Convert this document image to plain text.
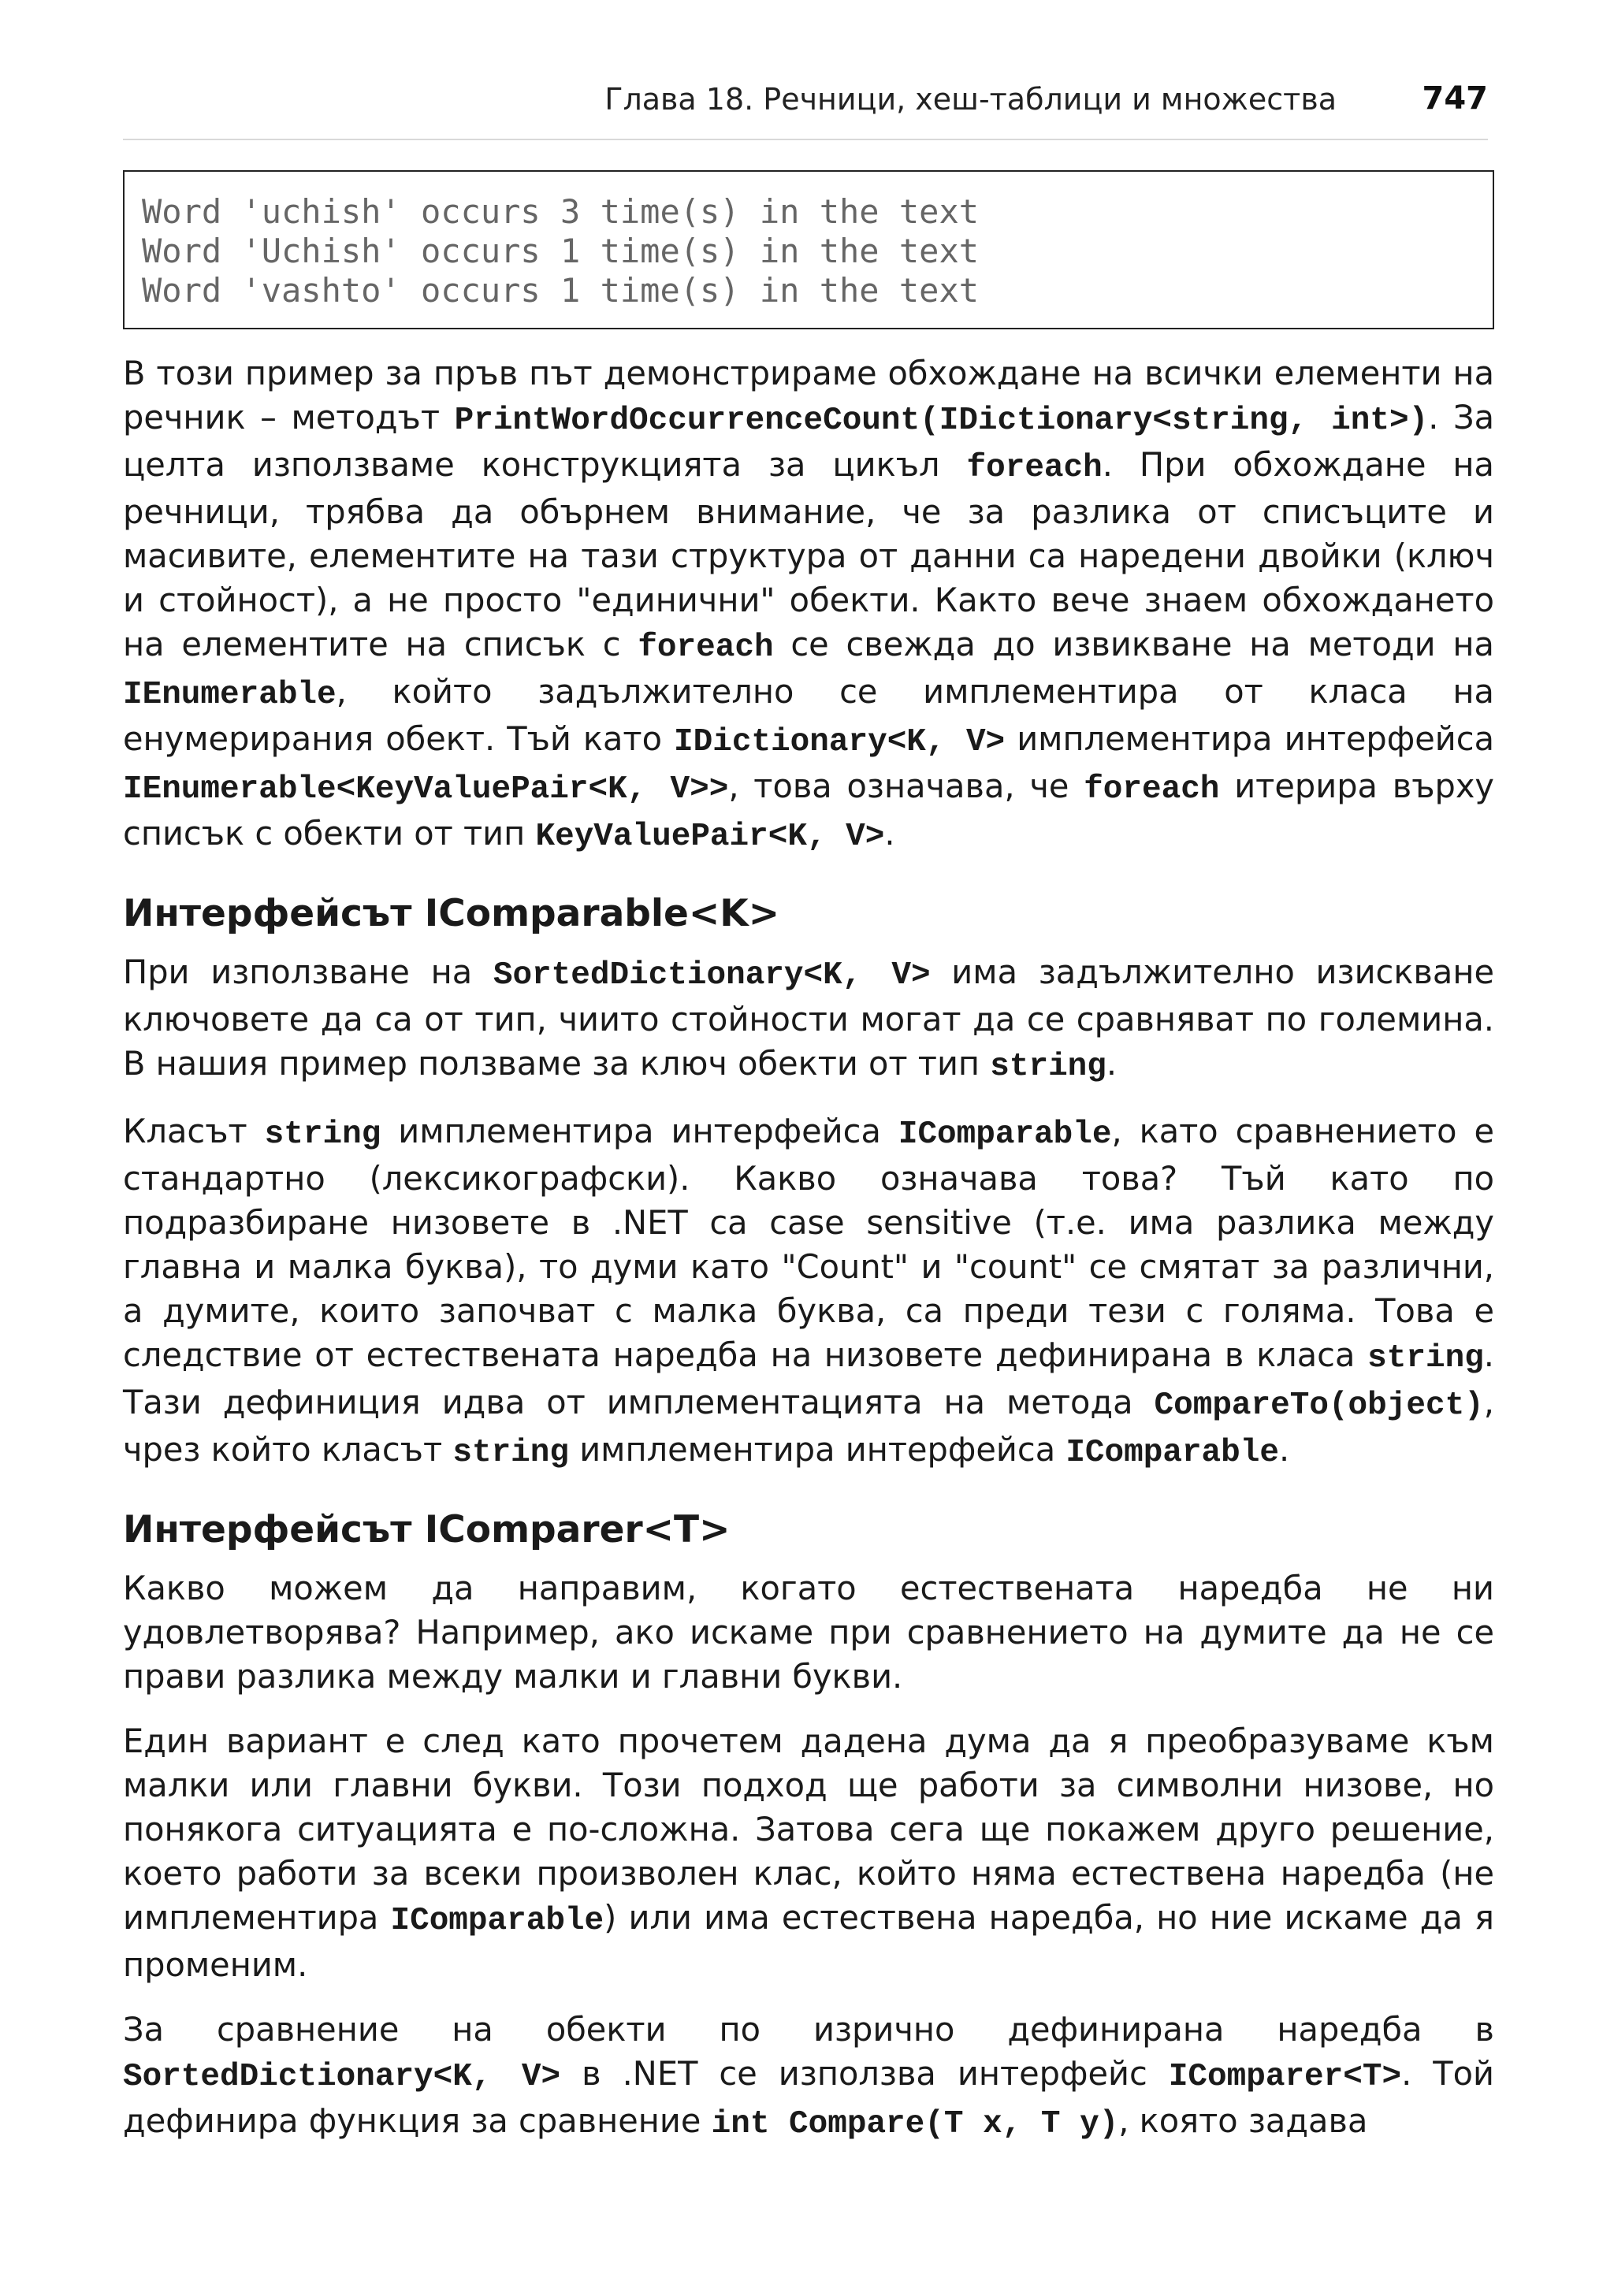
Глава 18. Речници, хеш-таблици и множества	747
Word 'uchish' occurs 3 time(s) in the text
Word 'Uchish' occurs 1 time(s) in the text
Word 'vashto' occurs 1 time(s) in the text

В този пример за пръв път демонстрираме обхождане на всички елементи на речник – методът PrintWordOccurrenceCount(IDictionary<string, int>). За целта използваме конструкцията за цикъл foreach. При обхождане на речници, трябва да обърнем внимание, че за разлика от списъците и масивите, елементите на тази структура от данни са наредени двойки (ключ и стойност), а не просто "единични" обекти. Както вече знаем обхождането на елементите на списък с foreach се свежда до извикване на методи на IEnumerable, който задължително се имплементира от класа на енумерирания обект. Тъй като IDictionary<K, V> имплементира интерфейса IEnumerable<KeyValuePair<K, V>>, това означава, че foreach итерира върху списък с обекти от тип KeyValuePair<K, V>.

Интерфейсът IComparable<K>

При използване на SortedDictionary<K, V> има задължително изискване ключовете да са от тип, чиито стойности могат да се сравняват по големина. В нашия пример ползваме за ключ обекти от тип string.

Класът string имплементира интерфейса IComparable, като сравнението е стандартно (лексикографски). Какво означава това? Тъй като по подразбиране низовете в .NET са case sensitive (т.е. има разлика между главна и малка буква), то думи като "Count" и "count" се смятат за различни, а думите, които започват с малка буква, са преди тези с голяма. Това е следствие от естествената наредба на низовете дефинирана в класа string. Тази дефиниция идва от имплементацията на метода CompareTo(object), чрез който класът string имплементира интерфейса IComparable.

Интерфейсът IComparer<T>

Какво можем да направим, когато естествената наредба не ни удовлетворява? Например, ако искаме при сравнението на думите да не се прави разлика между малки и главни букви.

Един вариант е след като прочетем дадена дума да я преобразуваме към малки или главни букви. Този подход ще работи за символни низове, но понякога ситуацията е по-сложна. Затова сега ще покажем друго решение, което работи за всеки произволен клас, който няма естествена наредба (не имплементира IComparable) или има естествена наредба, но ние искаме да я променим.

За сравнение на обекти по изрично дефинирана наредба в SortedDictionary<K, V> в .NET се използва интерфейс IComparer<T>. Той дефинира функция за сравнение int Compare(T x, T y), която задава
